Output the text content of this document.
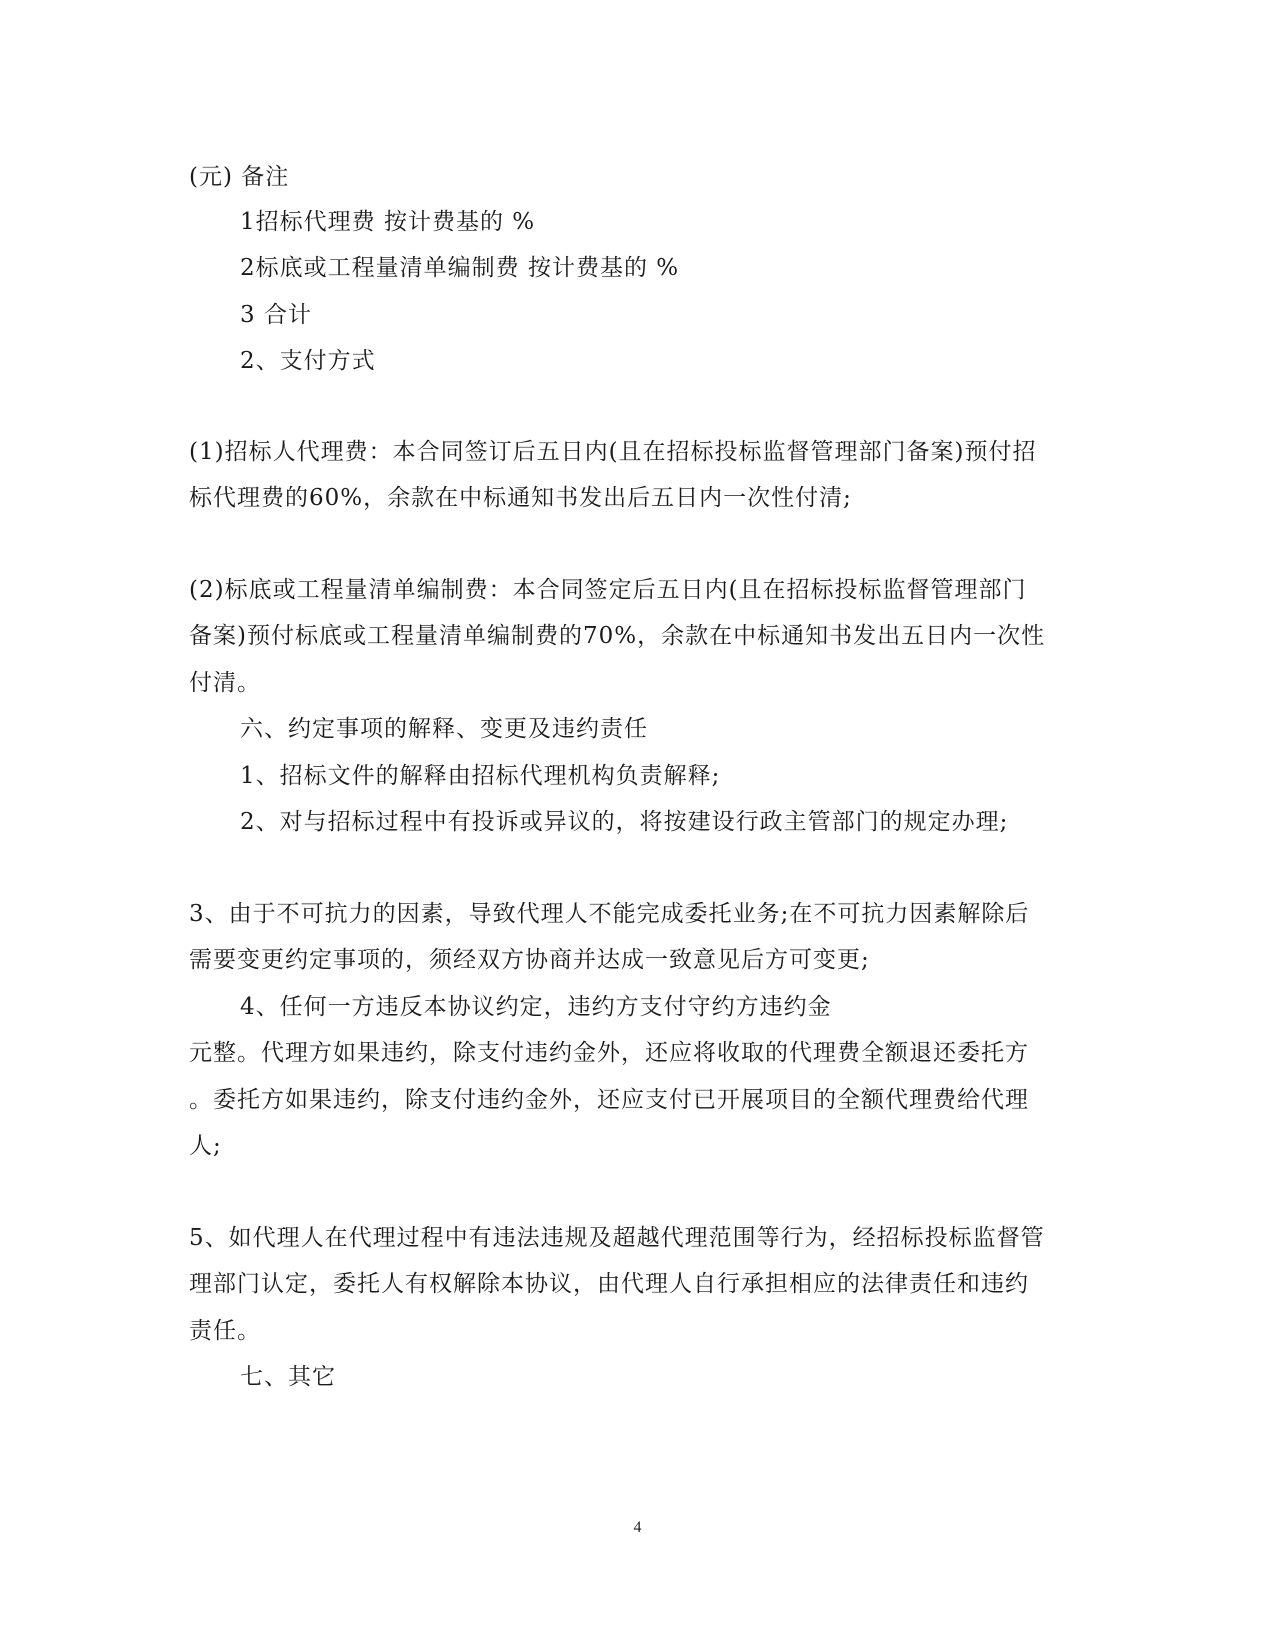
(元) 备注
1招标代理费 按计费基的 %
2标底或工程量清单编制费 按计费基的 %
3 合计
2、支付方式
(1)招标人代理费：本合同签订后五日内(且在招标投标监督管理部门备案)预付招
标代理费的60%，余款在中标通知书发出后五日内一次性付清;
(2)标底或工程量清单编制费：本合同签定后五日内(且在招标投标监督管理部门
备案)预付标底或工程量清单编制费的70%，余款在中标通知书发出五日内一次性
付清。
六、约定事项的解释、变更及违约责任
1、招标文件的解释由招标代理机构负责解释;
2、对与招标过程中有投诉或异议的，将按建设行政主管部门的规定办理;
3、由于不可抗力的因素，导致代理人不能完成委托业务;在不可抗力因素解除后
需要变更约定事项的，须经双方协商并达成一致意见后方可变更;
4、任何一方违反本协议约定，违约方支付守约方违约金
元整。代理方如果违约，除支付违约金外，还应将收取的代理费全额退还委托方
。委托方如果违约，除支付违约金外，还应支付已开展项目的全额代理费给代理
人;
5、如代理人在代理过程中有违法违规及超越代理范围等行为，经招标投标监督管
理部门认定，委托人有权解除本协议，由代理人自行承担相应的法律责任和违约
责任。
七、其它
4
